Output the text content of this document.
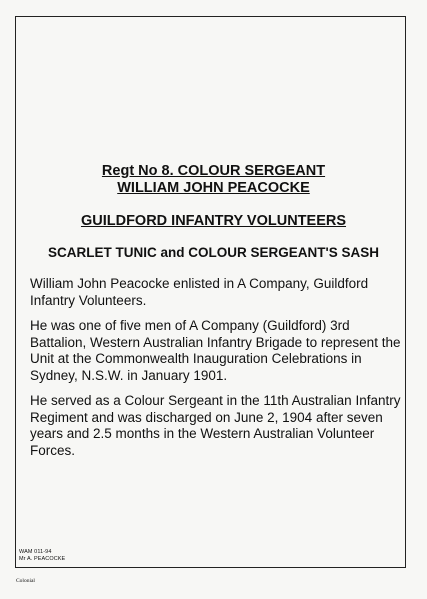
Regt No 8. COLOUR SERGEANT
WILLIAM JOHN PEACOCKE
GUILDFORD INFANTRY VOLUNTEERS
SCARLET TUNIC and COLOUR SERGEANT'S SASH
William John Peacocke enlisted in A Company, Guildford Infantry Volunteers.
He was one of five men of A Company (Guildford) 3rd Battalion, Western Australian Infantry Brigade to represent the Unit at the Commonwealth Inauguration Celebrations in Sydney, N.S.W. in January 1901.
He served as a Colour Sergeant in the 11th Australian Infantry Regiment and was discharged on June 2, 1904 after seven years and 2.5 months in the Western Australian Volunteer Forces.
WAM 011-94
Mr A. PEACOCKE
Colonial
